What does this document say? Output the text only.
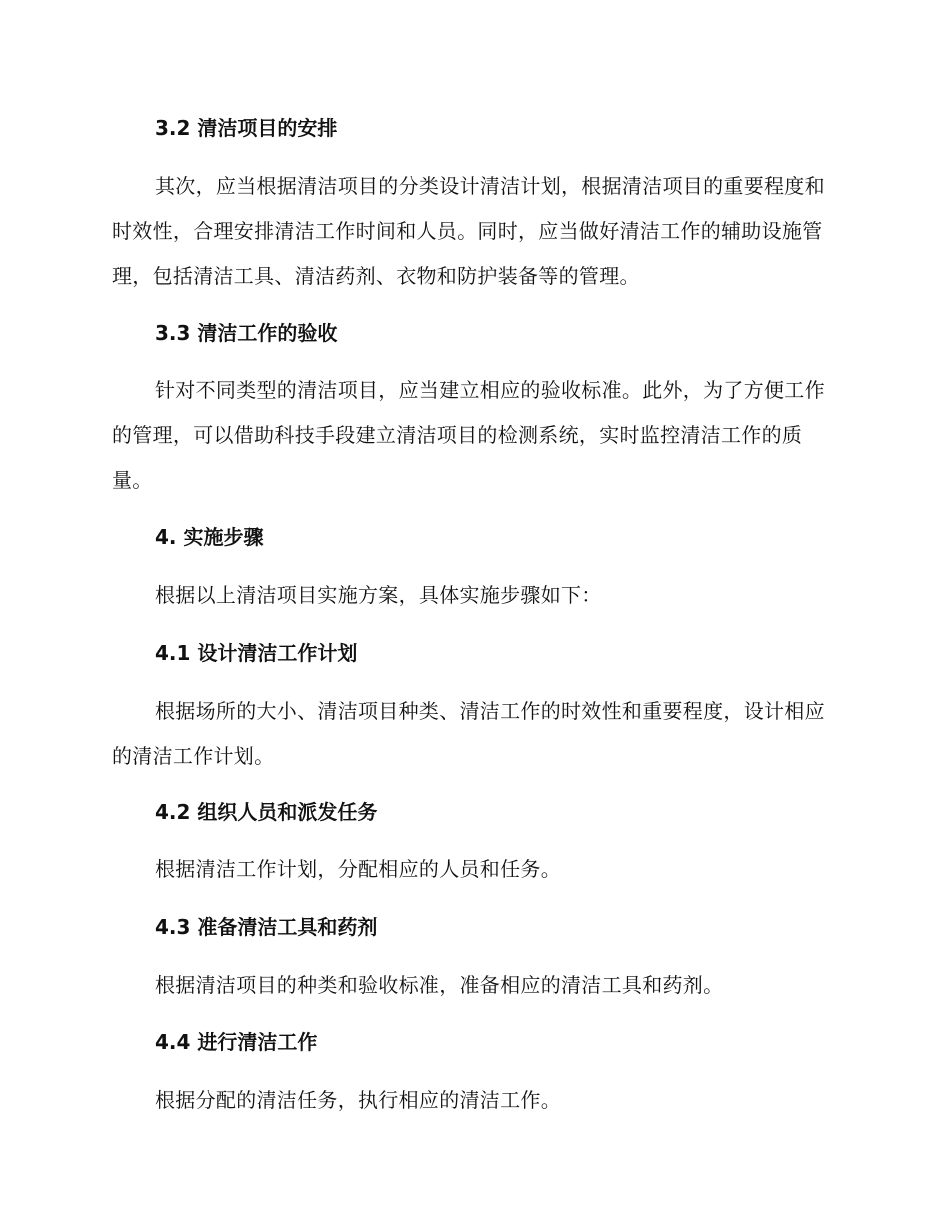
3.2 清洁项目的安排
其次，应当根据清洁项目的分类设计清洁计划，根据清洁项目的重要程度和时效性，合理安排清洁工作时间和人员。同时，应当做好清洁工作的辅助设施管理，包括清洁工具、清洁药剂、衣物和防护装备等的管理。
3.3 清洁工作的验收
针对不同类型的清洁项目，应当建立相应的验收标准。此外，为了方便工作的管理，可以借助科技手段建立清洁项目的检测系统，实时监控清洁工作的质量。
4. 实施步骤
根据以上清洁项目实施方案，具体实施步骤如下：
4.1 设计清洁工作计划
根据场所的大小、清洁项目种类、清洁工作的时效性和重要程度，设计相应的清洁工作计划。
4.2 组织人员和派发任务
根据清洁工作计划，分配相应的人员和任务。
4.3 准备清洁工具和药剂
根据清洁项目的种类和验收标准，准备相应的清洁工具和药剂。
4.4 进行清洁工作
根据分配的清洁任务，执行相应的清洁工作。
